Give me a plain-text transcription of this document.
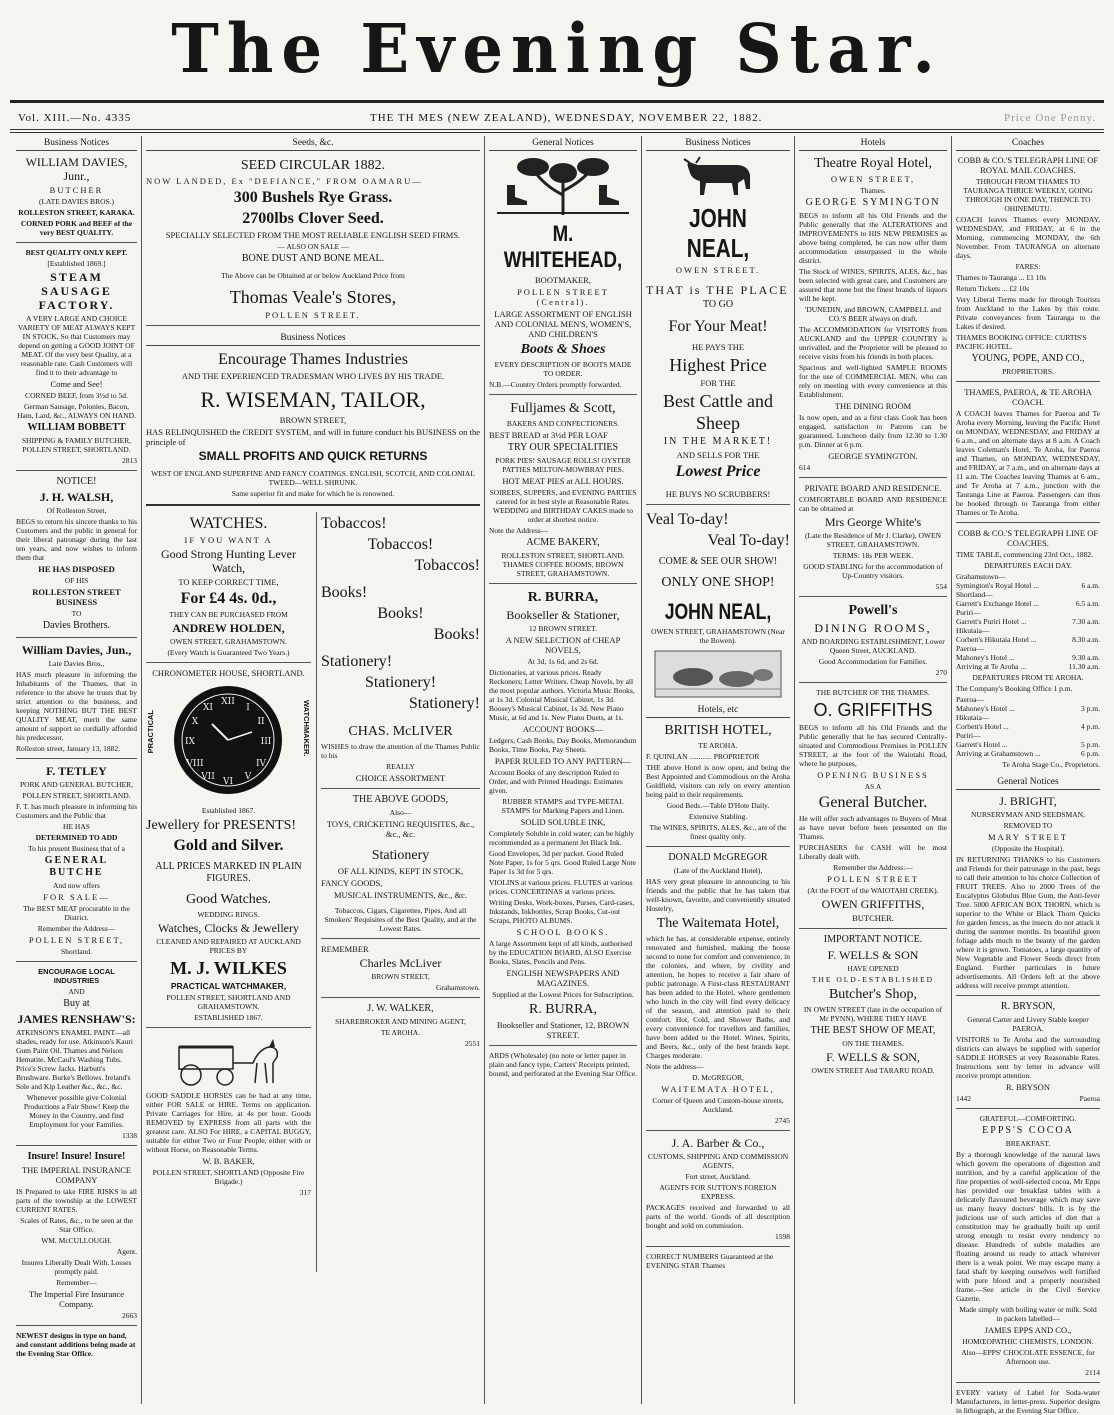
The Evening Star.
Vol. XIII.—No. 4335	THE TH MES (NEW ZEALAND), WEDNESDAY, NOVEMBER 22, 1882.	Price One Penny.
Business Notices

WILLIAM DAVIES, Junr.,

BUTCHER

(LATE DAVIES BROS.)

ROLLESTON STREET, KARAKA.

CORNED PORK and BEEF of the very BEST QUALITY.

BEST QUALITY ONLY KEPT.

[Established 1869.]

STEAM SAUSAGE FACTORY.

A VERY LARGE AND CHOICE VARIETY OF MEAT ALWAYS KEPT IN STOCK, So that Customers may depend on getting a GOOD JOINT OF MEAT. Of the very best Quality, at a reasonable rate. Cash Customers will find it to their advantage to

Come and See!

CORNED BEEF, from 3½d to 5d.

German Sausage, Polonies, Bacon, Ham, Lard, &c., ALWAYS ON HAND.

WILLIAM BOBBETT

SHIPPING & FAMILY BUTCHER, POLLEN STREET, SHORTLAND.

2813

NOTICE!

J. H. WALSH,

Of Rolleston Street,

BEGS to return his sincere thanks to his Customers and the public in general for their liberal patronage during the last ten years, and now wishes to inform them that

HE HAS DISPOSED

OF HIS

ROLLESTON STREET BUSINESS

TO

Davies Brothers.

William Davies, Jun.,

Late Davies Bros.,

HAS much pleasure in informing the Inhabitants of the Thames, that in reference to the above he trusts that by strict attention to the business, and keeping NOTHING BUT THE BEST QUALITY MEAT, merit the same amount of support so cordially afforded his predecessor.

Rolleston street, January 13, 1882.

F. TETLEY

PORK AND GENERAL BUTCHER,

POLLEN STREET, SHORTLAND.

F. T. has much pleasure in informing his Customers and the Public that

HE HAS

DETERMINED TO ADD

To his present Business that of a

GENERAL BUTCHE

And now offers

FOR SALE—

The BEST MEAT procurable in the District.

Remember the Address—

POLLEN STREET,

Shortland.

ENCOURAGE LOCAL INDUSTRIES

AND

Buy at

JAMES RENSHAW'S:

ATKINSON'S ENAMEL PAINT—all shades, ready for use. Atkinson's Kauri Gum Paint Oil. Thames and Nelson Hematite. McCaul's Washing Tubs. Price's Screw Jacks. Harbutt's Brushware. Burke's Bellows. Ireland's Sole and Kip Leather &c., &c., &c.

Whenever possible give Colonial Productions a Fair Show! Keep the Money in the Country, and find Employment for your Families.

1338

Insure! Insure! Insure!

THE IMPERIAL INSURANCE COMPANY

IS Prepared to take FIRE RISKS in all parts of the township at the LOWEST CURRENT RATES.

Scales of Rates, &c., to be seen at the Star Office.

WM. McCULLOUGH.

Agent.

Insures Liberally Dealt With. Losses promptly paid.

Remember—

The Imperial Fire Insurance Company.

2663

NEWEST designs in type on hand, and constant additions being made at the Evening Star Office.

Seeds, &c.

SEED CIRCULAR 1882.

NOW LANDED, Ex "DEFIANCE," FROM OAMARU—

300 Bushels Rye Grass.

2700lbs Clover Seed.

SPECIALLY SELECTED FROM THE MOST RELIABLE ENGLISH SEED FIRMS.

— ALSO ON SALE —

BONE DUST AND BONE MEAL.

The Above can be Obtained at or below Auckland Price from

Thomas Veale's Stores,

POLLEN STREET.

Business Notices

Encourage Thames Industries

AND THE EXPERIENCED TRADESMAN WHO LIVES BY HIS TRADE.

R. WISEMAN, TAILOR,

BROWN STREET,

HAS RELINQUISHED the CREDIT SYSTEM, and will in future conduct his BUSINESS on the principle of

SMALL PROFITS AND QUICK RETURNS

WEST OF ENGLAND SUPERFINE AND FANCY COATINGS. ENGLISH, SCOTCH, AND COLONIAL TWEED—WELL SHRUNK.

Same superior fit and make for which he is renowned.

WATCHES.

IF YOU WANT A

Good Strong Hunting Lever Watch,

TO KEEP CORRECT TIME,

For £4 4s. 0d.,

THEY CAN BE PURCHASED FROM

ANDREW HOLDEN,

OWEN STREET, GRAHAMSTOWN.

(Every Watch is Guaranteed Two Years.)

CHRONOMETER HOUSE, SHORTLAND.

PRACTICAL	WATCHMAKER.
XII
VI
III
IX
I
II
IV
V
VII
VIII
X
XI

Established 1867.

Jewellery for PRESENTS!

Gold and Silver.

ALL PRICES MARKED IN PLAIN FIGURES.

Good Watches.

WEDDING RINGS.

Watches, Clocks & Jewellery

CLEANED AND REPAIRED AT AUCKLAND PRICES BY

M. J. WILKES

PRACTICAL WATCHMAKER,

POLLEN STREET, SHORTLAND AND GRAHAMSTOWN.

ESTABLISHED 1867.

GOOD SADDLE HORSES can be had at any time, either FOR SALE or HIRE. Terms on application. Private Carriages for Hire, at 4s per hour. Goods REMOVED by EXPRESS from all parts with the greatest care. ALSO For HIRE, a CAPITAL BUGGY, suitable for either Two or Four People, either with or without Horse, on Reasonable Terms.

W. B. BAKER,

POLLEN STREET, SHORTLAND (Opposite Fire Brigade.)

317

Tobaccos!

Tobaccos!

Tobaccos!

Books!

Books!

Books!

Stationery!

Stationery!

Stationery!

CHAS. McLIVER

WISHES to draw the attention of the Thames Public to his

REALLY

CHOICE ASSORTMENT

THE ABOVE GOODS,

Also—

TOYS, CRICKETING REQUISITES, &c., &c., &c.

Stationery

OF ALL KINDS, KEPT IN STOCK,

FANCY GOODS,

MUSICAL INSTRUMENTS, &c., &c.

Tobaccos, Cigars, Cigarettes, Pipes, And all Smokers' Requisites of the Best Quality, and at the Lowest Rates.

REMEMBER

Charles McLiver

BROWN STREET,

Grahamstown.

J. W. WALKER,

SHAREBROKER AND MINING AGENT,

TE AROHA.

2551

General Notices

M. WHITEHEAD,

BOOTMAKER,

POLLEN STREET (Central).

LARGE ASSORTMENT OF ENGLISH AND COLONIAL MEN'S, WOMEN'S, AND CHILDREN'S

Boots & Shoes

EVERY DESCRIPTION OF BOOTS MADE TO ORDER.

N.B.—Country Orders promptly forwarded.

Fulljames & Scott,

BAKERS AND CONFECTIONERS.

BEST BREAD at 3½d PER LOAF

TRY OUR SPECIALITIES

PORK PIES! SAUSAGE ROLLS! OYSTER PATTIES MELTON-MOWBRAY PIES.

HOT MEAT PIES at ALL HOURS.

SOIREES, SUPPERS, and EVENING PARTIES catered for in best style at Reasonable Rates. WEDDING and BIRTHDAY CAKES made to order at shortest notice.

Note the Address—

ACME BAKERY,

ROLLESTON STREET, SHORTLAND. THAMES COFFEE ROOMS, BROWN STREET, GRAHAMSTOWN.

R. BURRA,

Bookseller & Stationer,

12 BROWN STREET.

A NEW SELECTION of CHEAP NOVELS,

At 3d, 1s 6d, and 2s 6d.

Dictionaries, at various prices. Ready Reckoners; Letter Writers. Cheap Novels, by all the most popular authors. Victoria Music Books, at 1s 3d. Colonial Musical Cabinet, 1s 3d. Boosey's Musical Cabinet, 1s 3d. New Piano Music, at 6d and 1s. New Piano Duets, at 1s.

ACCOUNT BOOKS—

Ledgers, Cash Books, Day Books, Memorandum Books, Time Books, Pay Sheets.

PAPER RULED TO ANY PATTERN—

Account Books of any description Ruled to Order, and with Printed Headings: Estimates given.

RUBBER STAMPS and TYPE-METAL STAMPS for Marking Papers and Linen.

SOLID SOLUBLE INK,

Completely Soluble in cold water; can be highly recommended as a permanent Jet Black Ink.

Good Envelopes, 3d per packet. Good Ruled Note Paper, 1s for 5 qrs. Good Ruled Large Note Paper 1s 3d for 5 qrs.

VIOLINS at various prices. FLUTES at various prices. CONCERTINAS at various prices.

Writing Desks, Work-boxes, Purses, Card-cases, Inkstands, Inkbottles, Scrap Books, Cut-out Scraps, PHOTO ALBUMS.

SCHOOL BOOKS.

A large Assortment kept of all kinds, authorised by the EDUCATION BOARD, ALSO Exercise Books, Slates, Pencils and Pens.

ENGLISH NEWSPAPERS AND MAGAZINES.

Supplied at the Lowest Prices for Subscription.

R. BURRA,

Bookseller and Stationer, 12, BROWN STREET.

ARDS (Wholesale) (no note or letter paper in plain and fancy type, Carters' Receipts printed, bound, and perforated at the Evening Star Office.

Business Notices

JOHN NEAL,

OWEN STREET.

THAT is THE PLACE

TO GO

For Your Meat!

HE PAYS THE

Highest Price

FOR THE

Best Cattle and Sheep

IN THE MARKET!

AND SELLS FOR THE

Lowest Price

HE BUYS NO SCRUBBERS!

Veal To-day!

Veal To-day!

COME & SEE OUR SHOW!

ONLY ONE SHOP!

JOHN NEAL,

OWEN STREET, GRAHAMSTOWN (Near the Bowen).

Hotels, etc

BRITISH HOTEL,

TE AROHA.

F. QUINLAN ............ PROPRIETOR

THE above Hotel is now open, and being the Best Appointed and Commodious on the Aroha Goldfield, visitors can rely on every attention being paid to their requirements.

Good Beds.—Table D'Hote Daily.

Extensive Stabling.

The WINES, SPIRITS, ALES, &c., are of the finest quality only.

DONALD McGREGOR

(Late of the Auckland Hotel),

HAS very great pleasure in announcing to his friends and the public that he has taken that well-known, favorite, and conveniently situated Hostelry,

The Waitemata Hotel,

which he has, at considerable expense, entirely renovated and furnished, making the house second to none for comfort and convenience, in the colonies, and where, by civility and attention, he hopes to receive a fair share of public patronage. A First-class RESTAURANT has been added to the Hotel, where gentlemen who lunch in the city will find every delicacy of the season, and attention paid to their comfort. Hot, Cold, and Shower Baths, and every convenience for travellers and families, have been added to the Hotel. Wines, Spirits, and Beers, &c., only of the best brands kept. Charges moderate.

Note the address—

D. McGREGOR,

WAITEMATA HOTEL,

Corner of Queen and Custom-house streets, Auckland.

2745

J. A. Barber & Co.,

CUSTOMS, SHIPPING AND COMMISSION AGENTS,

Fort street, Auckland.

AGENTS FOR SUTTON'S FOREIGN EXPRESS.

PACKAGES received and forwarded to all parts of the world. Goods of all description bought and sold on commission.

1598

CORRECT NUMBERS Guaranteed at the EVENING STAR Thames

Hotels

Theatre Royal Hotel,

OWEN STREET,

Thames.

GEORGE SYMINGTON

BEGS to inform all his Old Friends and the Public generally that the ALTERATIONS and IMPROVEMENTS to HIS NEW PREMISES as above being completed, he can now offer them accommodation unsurpassed in the whole district.

The Stock of WINES, SPIRITS, ALES, &c., has been selected with great care, and Customers are assured that none but the finest brands of liquors will be kept.

'DUNEDIN, and BROWN, CAMPBELL and CO.'S BEER always on draft.

The ACCOMMODATION for VISITORS from AUCKLAND and the UPPER COUNTRY is unrivalled, and the Proprietor will be pleased to receive visits from his friends in both places.

Spacious and well-lighted SAMPLE ROOMS for the use of COMMERCIAL MEN, who can rely on meeting with every convenience at this Establishment.

THE DINING ROOM

Is now open, and as a first class Cook has been engaged, satisfaction to Patrons can be guaranteed. Luncheon daily from 12.30 to 1.30 p.m. Dinner at 6 p.m.

GEORGE SYMINGTON.

614

PRIVATE BOARD AND RESIDENCE.

COMFORTABLE BOARD AND RESIDENCE can be obtained at

Mrs George White's

(Late the Residence of Mr J. Clarke), OWEN STREET, GRAHAMSTOWN.

TERMS: 18s PER WEEK.

GOOD STABLING for the accommodation of Up-Country visitors.

554

Powell's

DINING ROOMS,

AND BOARDING ESTABLISHMENT, Lower Queen Street, AUCKLAND.

Good Accommodation for Families.

270

THE BUTCHER OF THE THAMES.

O. GRIFFITHS

BEGS to inform all his Old Friends and the Public generally that he has secured Centrally-situated and Commodious Premises in POLLEN STREET, at the foot of the Waiotahi Road, where he purposes,

OPENING BUSINESS

AS A

General Butcher.

He will offer such advantages to Buyers of Meat as have never before been presented on the Thames.

PURCHASERS for CASH will be most Liberally dealt with.

Remember the Address:—

POLLEN STREET

(At the FOOT of the WAIOTAHI CREEK).

OWEN GRIFFITHS,

BUTCHER.

IMPORTANT NOTICE.

F. WELLS & SON

HAVE OPENED

THE OLD-ESTABLISHED

Butcher's Shop,

IN OWEN STREET (late in the occupation of Mr PYNN), WHERE THEY HAVE

THE BEST SHOW OF MEAT,

ON THE THAMES.

F. WELLS & SON,

OWEN STREET And TARARU ROAD.

Coaches

COBB & CO.'S TELEGRAPH LINE OF ROYAL MAIL COACHES.

THROUGH FROM THAMES TO TAURANGA THRICE WEEKLY, GOING THROUGH IN ONE DAY, THENCE TO OHINEMUTU.

COACH leaves Thames every MONDAY, WEDNESDAY, and FRIDAY, at 6 in the Morning, commencing MONDAY, the 6th November. From TAURANGA on alternate days.

FARES:

Thames to Tauranga ... £1 10s

Return Tickets ... £2 10s

Very Liberal Terms made for through Tourists from Auckland to the Lakes by this route. Private conveyances from Tauranga to the Lakes if desired.

THAMES BOOKING OFFICE: CURTIS'S PACIFIC HOTEL.

YOUNG, POPE, AND CO.,

PROPRIETORS.

THAMES, PAEROA, & TE AROHA COACH.

A COACH leaves Thames for Paeroa and Te Aroha every Morning, leaving the Pacific Hotel on MONDAY, WEDNESDAY, and FRIDAY at 6 a.m., and on alternate days at 8 a.m. A Coach leaves Coleman's Hotel, Te Aroha, for Paeroa and Thames, on MONDAY, WEDNESDAY, and FRIDAY, at 7 a.m., and on alternate days at 11 a.m. The Coaches leaving Thames at 6 am., and Te Aroha at 7 a.m., junction with the Tauranga Line at Paeroa. Passengers can thus be booked through to Tauranga from either Thames or Te Aroha.

COBB & CO.'S TELEGRAPH LINE OF COACHES.

TIME TABLE, commencing 23rd Oct., 1882.

DEPARTURES EACH DAY.

Grahamstown—
Symington's Royal Hotel ...	6 a.m.
Shortland—
Garrett's Exchange Hotel ...	6.5 a.m.
Puriri—
Garrett's Puriri Hotel ...	7.30 a.m.
Hikutaia—
Corbett's Hikutaia Hotel ...	8.30 a.m.
Paeroa—
Mahoney's Hotel ...	9.30 a.m.
Arriving at Te Aroha ...	11.30 a.m.

DEPARTURES FROM TE AROHA.

The Company's Booking Office 1 p.m.

Paeroa—
Mahoney's Hotel ...	3 p.m.
Hikutaia—
Corbett's Hotel ...	4 p.m.
Puriri—
Garrett's Hotel ...	5 p.m.
Arriving at Grahamstown ...	6 p.m.

Te Aroha Stage Co., Proprietors.

General Notices

J. BRIGHT,

NURSERYMAN AND SEEDSMAN,

REMOVED TO

MARY STREET

(Opposite the Hospital).

IN RETURNING THANKS to his Customers and Friends for their patronage in the past, begs to call their attention to his choice Collection of FRUIT TREES. Also to 2000 Trees of the Eucalyptus Globulus Blue Gum, the Anti-fever Tree. 5000 AFRICAN BOX THORN, which is superior to the White or Black Thorn Quicks for garden fences, as the insects do not attack it during the summer months. Its beautiful green foliage adds much to the beauty of the garden where it is grown. Tomatoes, a large quantity of New Vegetable and Flower Seeds direct from England. Further particulars in future advertisements. All Orders left at the above address will receive prompt attention.

R. BRYSON,

General Carter and Livery Stable keeper PAEROA.

VISITORS to Te Aroha and the surrounding districts can always be supplied with superior SADDLE HORSES at very Reasonable Rates. Instructions sent by letter in advance will receive prompt attention.

R. BRYSON

1442	Paeroa

GRATEFUL—COMFORTING.

EPPS'S COCOA

BREAKFAST.

By a thorough knowledge of the natural laws which govern the operations of digestion and nutrition, and by a careful application of the fine properties of well-selected cocoa, Mr Epps has provided our breakfast tables with a delicately flavoured beverage which may save us many heavy doctors' bills. It is by the judicious use of such articles of diet that a constitution may be gradually built up until strong enough to resist every tendency to disease. Hundreds of subtle maladies are floating around us ready to attack wherever there is a weak point. We may escape many a fatal shaft by keeping ourselves well fortified with pure blood and a properly nourished frame.—See article in the Civil Service Gazette.

Made simply with boiling water or milk. Sold in packets labelled—

JAMES EPPS AND CO.,

HOMŒOPATHIC CHEMISTS, LONDON.

Also—EPPS' CHOCOLATE ESSENCE, for Afternoon use.

2114

EVERY variety of Label for Soda-water Manufacturers, in letter-press. Superior designs in lithograph, at the Evening Star Office.
